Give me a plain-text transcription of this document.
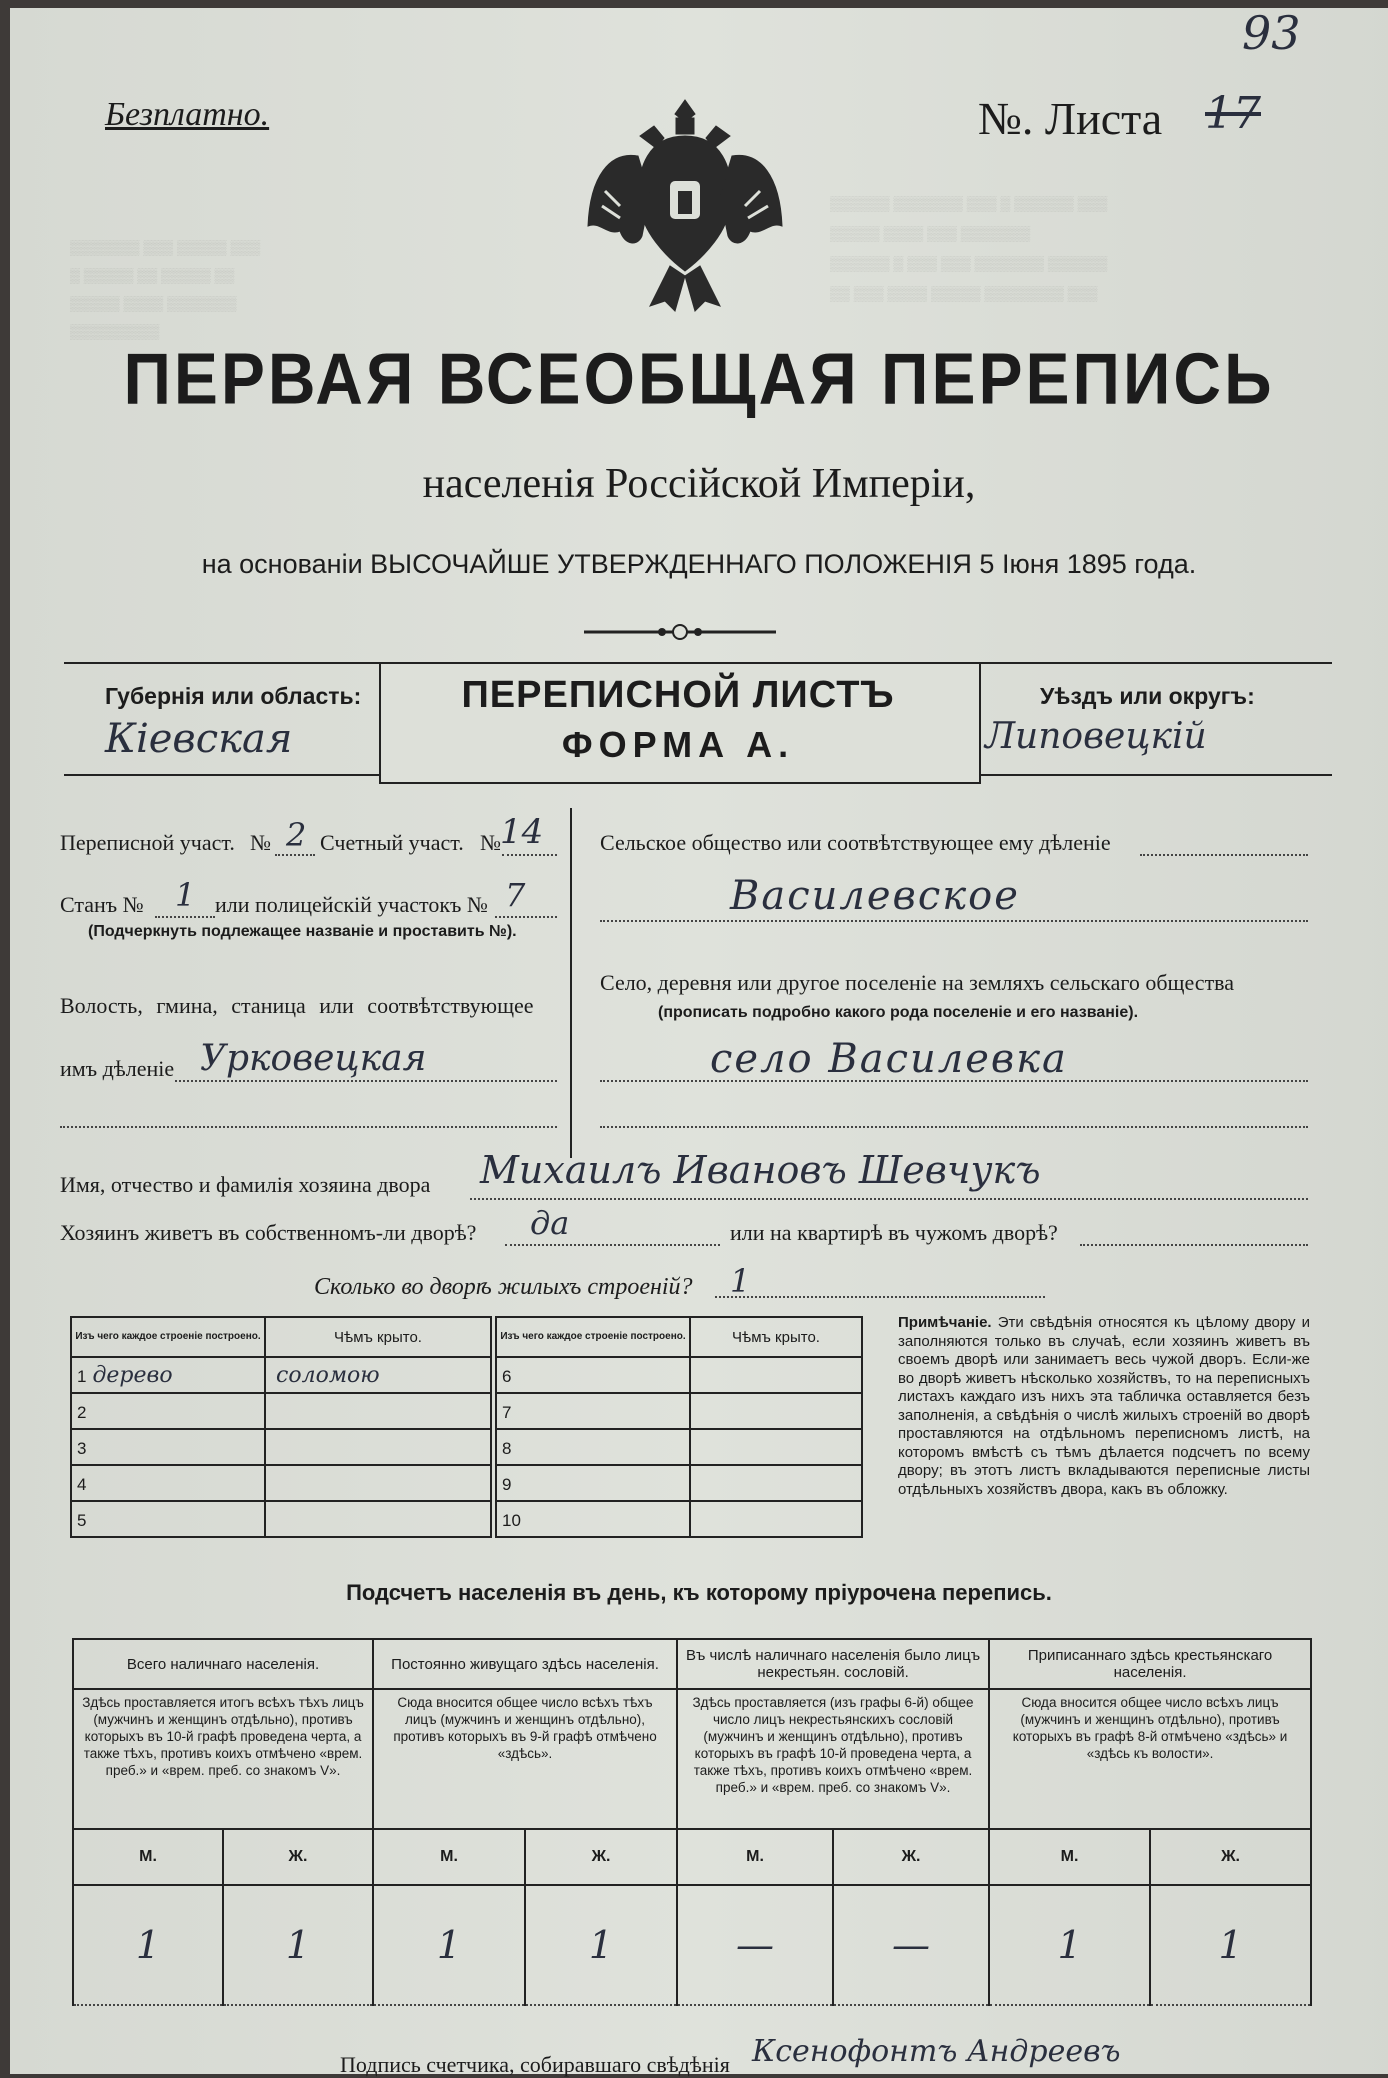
▒▒▒▒▒▒ ▒▒▒▒▒▒▒ ▒▒▒ ▒ ▒▒▒▒▒▒ ▒▒▒
▒▒▒▒▒ ▒▒▒▒ ▒▒▒ ▒▒▒▒▒▒▒
▒▒▒▒▒▒ ▒ ▒▒▒ ▒▒▒ ▒▒▒▒▒▒▒ ▒▒▒▒▒▒
▒▒ ▒▒▒ ▒▒▒▒ ▒▒▒▒▒ ▒▒▒▒▒▒▒▒ ▒▒▒
▒▒▒▒▒▒▒ ▒▒▒ ▒▒▒▒▒ ▒▒▒
▒ ▒▒▒▒▒ ▒▒ ▒▒▒▒▒ ▒▒
▒▒▒▒▒ ▒▒▒▒ ▒▒▒▒▒▒▒
▒▒▒▒▒▒▒▒▒
Безплатно.	№. Листа 17
93
ПЕРВАЯ ВСЕОБЩАЯ ПЕРЕПИСЬ
населенія Россійской Имперіи,
на основаніи ВЫСОЧАЙШЕ УТВЕРЖДЕННАГО ПОЛОЖЕНІЯ 5 Іюня 1895 года.
Губернія или область:
Кіевская
ПЕРЕПИСНОЙ ЛИСТЪ
ФОРМА А.
Уѣздъ или округъ:
Липовецкій
Переписной участ. № 2 Счетный участ. № 14
Станъ № 1 или полицейскій участокъ № 7
(Подчеркнуть подлежащее названіе и проставить №).
Волость, гмина, станица или соотвѣтствующее
имъ дѣленіе Урковецкая
Сельское общество или соотвѣтствующее ему дѣленіе
Василевское
Село, деревня или другое поселеніе на земляхъ сельскаго общества
(прописать подробно какого рода поселеніе и его названіе).
село Василевка
Имя, отчество и фамилія хозяина двора Михаилъ Ивановъ Шевчукъ
Хозяинъ живетъ въ собственномъ-ли дворѣ? да	или на квартирѣ въ чужомъ дворѣ?
Сколько во дворѣ жилыхъ строеній? 1
Изъ чего каждое строеніе построено.	Чѣмъ крыто.
1 дерево	соломою
2	
3	
4	
5	
Изъ чего каждое строеніе построено.	Чѣмъ крыто.
6	
7	
8	
9	
10	
Примѣчаніе. Эти свѣдѣнія относятся къ цѣлому двору и заполняются только въ случаѣ, если хозяинъ живетъ въ своемъ дворѣ или занимаетъ весь чужой дворъ. Если-же во дворѣ живетъ нѣсколько хозяйствъ, то на переписныхъ листахъ каждаго изъ нихъ эта табличка оставляется безъ заполненія, а свѣдѣнія о числѣ жилыхъ строеній во дворѣ проставляются на отдѣльномъ переписномъ листѣ, на которомъ вмѣстѣ съ тѣмъ дѣлается подсчетъ по всему двору; въ этотъ листъ вкладываются переписные листы отдѣльныхъ хозяйствъ двора, какъ въ обложку.
Подсчетъ населенія въ день, къ которому пріурочена перепись.
Всего наличнаго населенія.		Постоянно живущаго здѣсь населенія.		Въ числѣ наличнаго населенія было лицъ некрестьян. сословій.		Приписаннаго здѣсь крестьянскаго населенія.	
Здѣсь проставляется итогъ всѣхъ тѣхъ лицъ (мужчинъ и женщинъ отдѣльно), противъ которыхъ въ 10-й графѣ проведена черта, а также тѣхъ, противъ коихъ отмѣчено «врем. преб.» и «врем. преб. со знакомъ V».		Сюда вносится общее число всѣхъ тѣхъ лицъ (мужчинъ и женщинъ отдѣльно), противъ которыхъ въ 9-й графѣ отмѣчено «здѣсь».		Здѣсь проставляется (изъ графы 6-й) общее число лицъ некрестьянскихъ сословій (мужчинъ и женщинъ отдѣльно), противъ которыхъ въ графѣ 10-й проведена черта, а также тѣхъ, противъ коихъ отмѣчено «врем. преб.» и «врем. преб. со знакомъ V».		Сюда вносится общее число всѣхъ лицъ (мужчинъ и женщинъ отдѣльно), противъ которыхъ въ графѣ 8-й отмѣчено «здѣсь» и «здѣсь къ волости».	
М.	Ж.	М.	Ж.	М.	Ж.	М.	Ж.
1	1	1	1	—	—	1	1
Подпись счетчика, собиравшаго свѣдѣнія Ксенофонтъ Андреевъ
